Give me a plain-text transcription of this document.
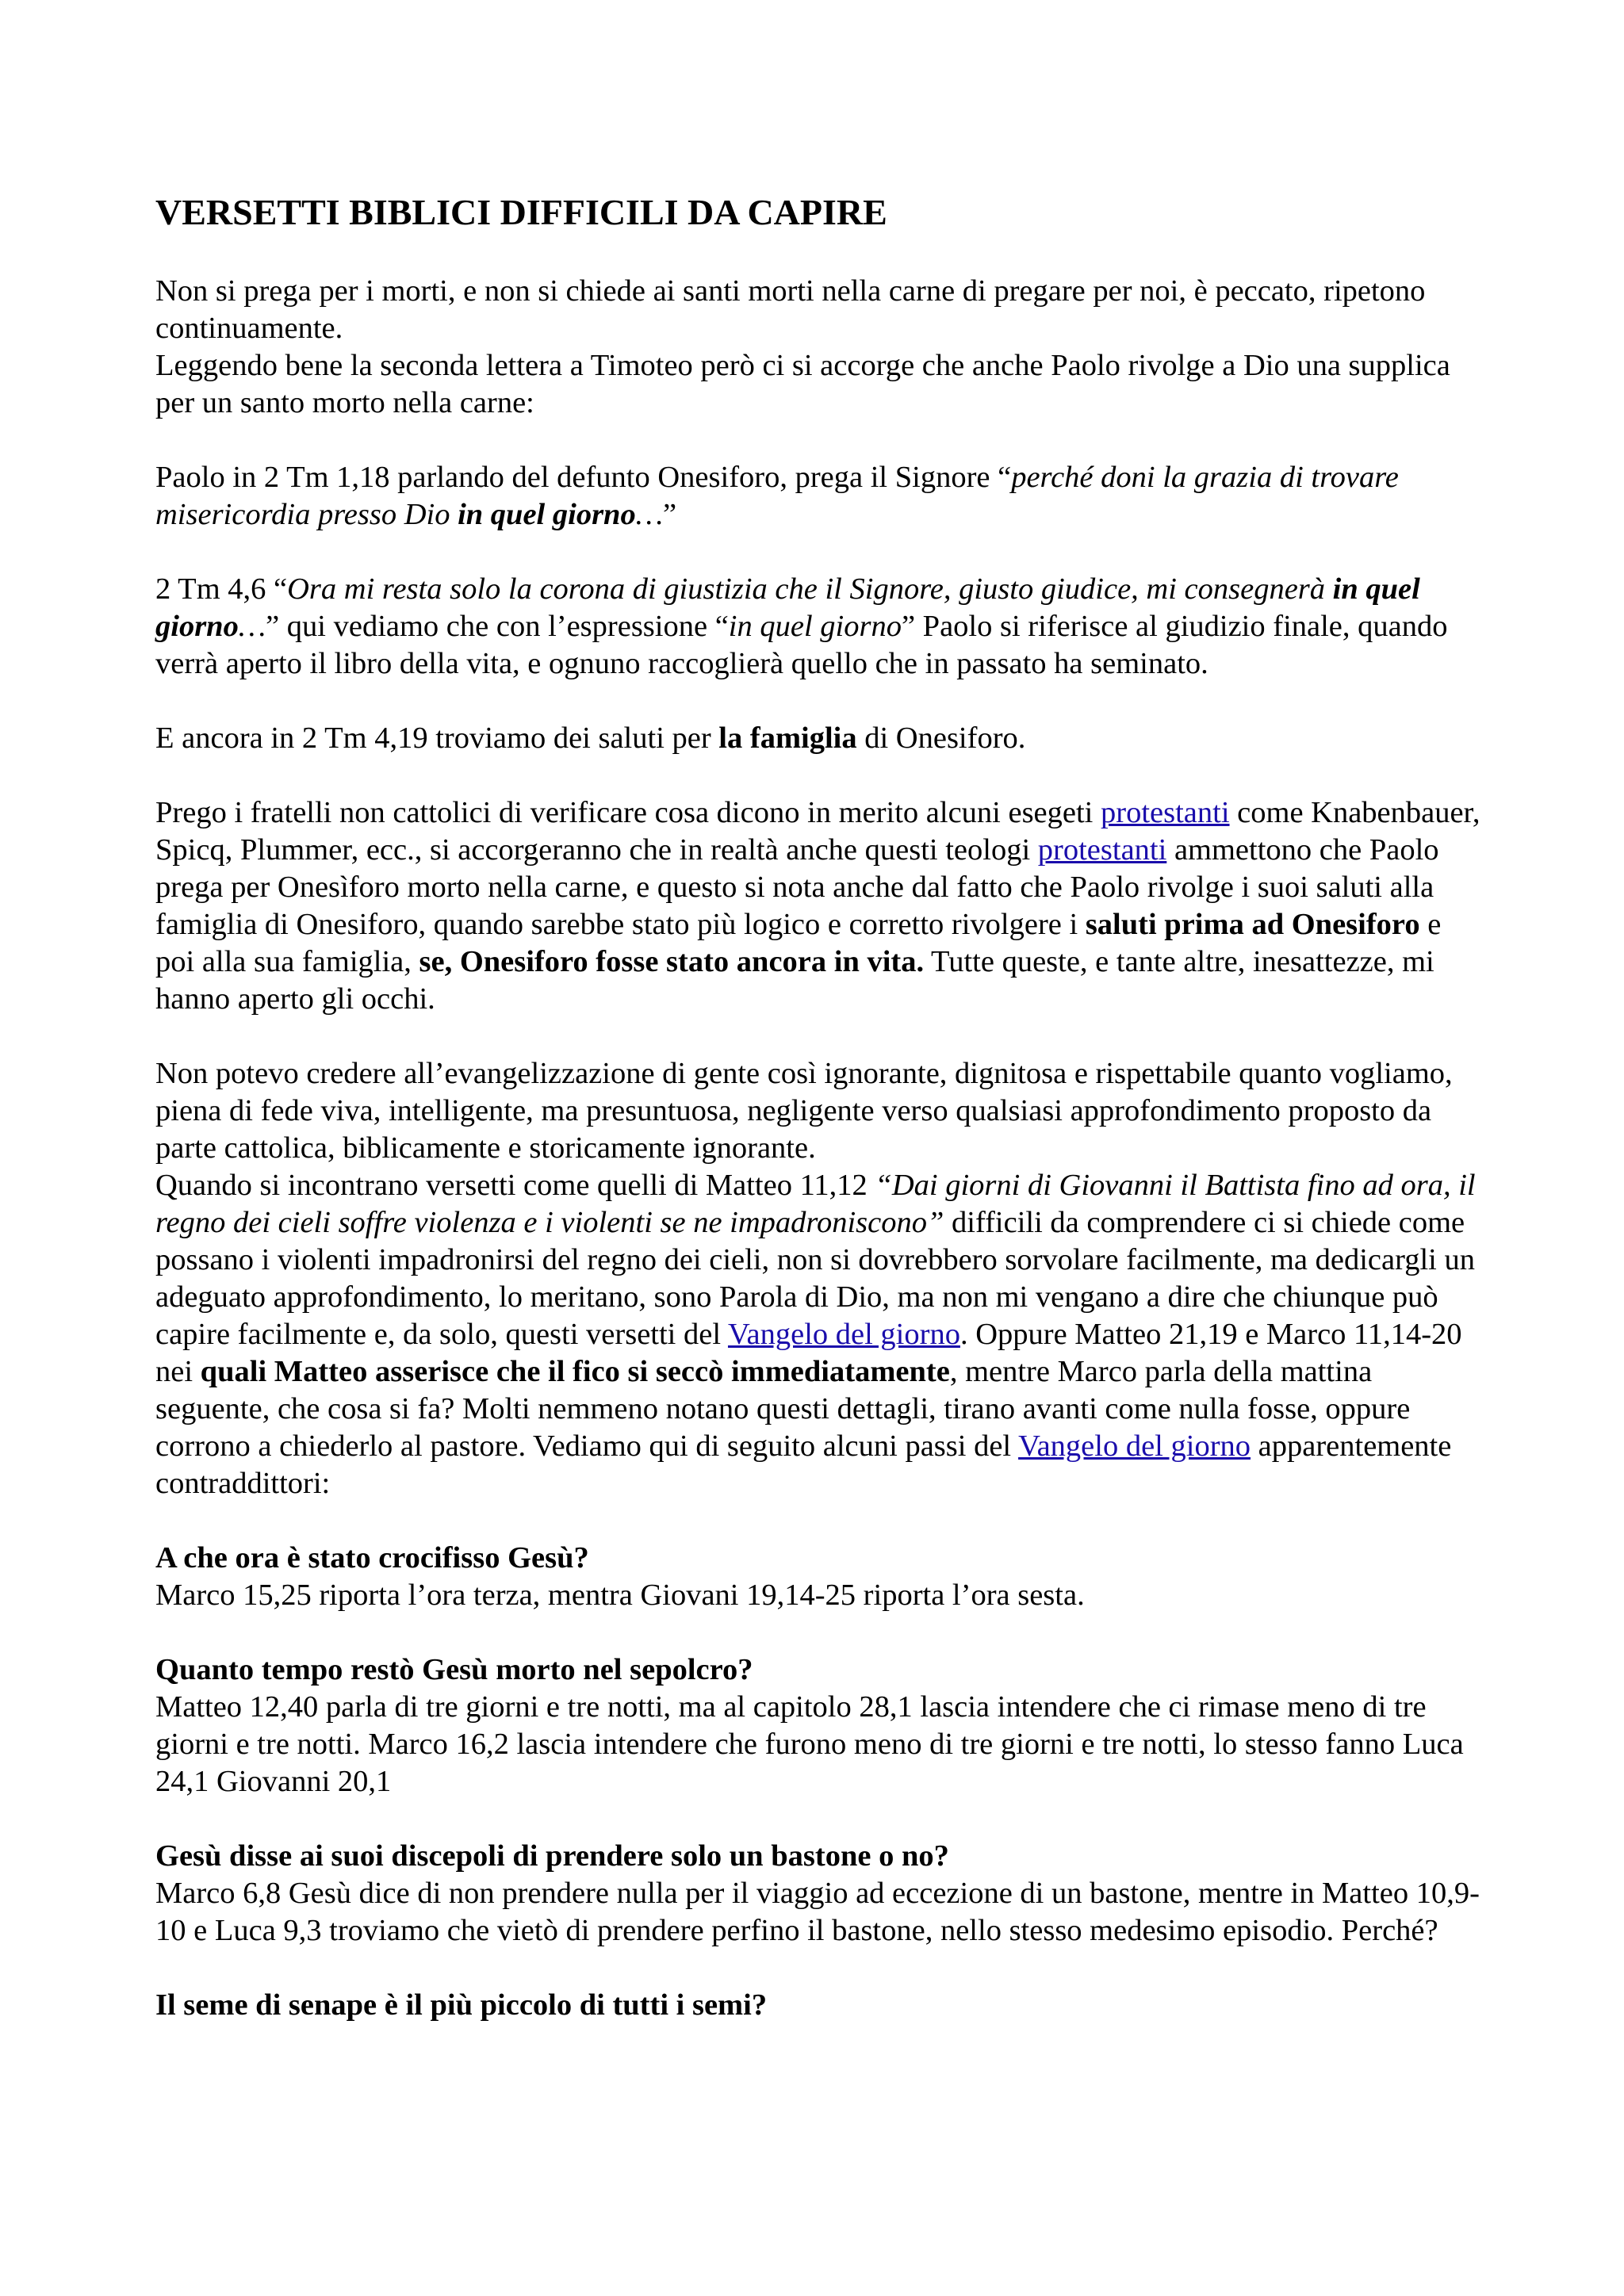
VERSETTI BIBLICI DIFFICILI DA CAPIRE

Non si prega per i morti, e non si chiede ai santi morti nella carne di pregare per noi, è peccato, ripetono continuamente.

Leggendo bene la seconda lettera a Timoteo però ci si accorge che anche Paolo rivolge a Dio una supplica per un santo morto nella carne:

Paolo in 2 Tm 1,18 parlando del defunto Onesiforo, prega il Signore “perché doni la grazia di trovare misericordia presso Dio in quel giorno…”

2 Tm 4,6 “Ora mi resta solo la corona di giustizia che il Signore, giusto giudice, mi consegnerà in quel giorno…” qui vediamo che con l’espressione “in quel giorno” Paolo si riferisce al giudizio finale, quando verrà aperto il libro della vita, e ognuno raccoglierà quello che in passato ha seminato.

E ancora in 2 Tm 4,19 troviamo dei saluti per la famiglia di Onesiforo.

Prego i fratelli non cattolici di verificare cosa dicono in merito alcuni esegeti protestanti come Knabenbauer, Spicq, Plummer, ecc., si accorgeranno che in realtà anche questi teologi protestanti ammettono che Paolo prega per Onesìforo morto nella carne, e questo si nota anche dal fatto che Paolo rivolge i suoi saluti alla famiglia di Onesiforo, quando sarebbe stato più logico e corretto rivolgere i saluti prima ad Onesiforo e poi alla sua famiglia, se, Onesiforo fosse stato ancora in vita. Tutte queste, e tante altre, inesattezze, mi hanno aperto gli occhi.

Non potevo credere all’evangelizzazione di gente così ignorante, dignitosa e rispettabile quanto vogliamo, piena di fede viva, intelligente, ma presuntuosa, negligente verso qualsiasi approfondimento proposto da parte cattolica, biblicamente e storicamente ignorante.

Quando si incontrano versetti come quelli di Matteo 11,12 “Dai giorni di Giovanni il Battista fino ad ora, il regno dei cieli soffre violenza e i violenti se ne impadroniscono” difficili da comprendere ci si chiede come possano i violenti impadronirsi del regno dei cieli, non si dovrebbero sorvolare facilmente, ma dedicargli un adeguato approfondimento, lo meritano, sono Parola di Dio, ma non mi vengano a dire che chiunque può capire facilmente e, da solo, questi versetti del Vangelo del giorno. Oppure Matteo 21,19 e Marco 11,14-20 nei quali Matteo asserisce che il fico si seccò immediatamente, mentre Marco parla della mattina seguente, che cosa si fa? Molti nemmeno notano questi dettagli, tirano avanti come nulla fosse, oppure corrono a chiederlo al pastore. Vediamo qui di seguito alcuni passi del Vangelo del giorno apparentemente contraddittori:

A che ora è stato crocifisso Gesù?

Marco 15,25 riporta l’ora terza, mentra Giovani 19,14-25 riporta l’ora sesta.

Quanto tempo restò Gesù morto nel sepolcro?

Matteo 12,40 parla di tre giorni e tre notti, ma al capitolo 28,1 lascia intendere che ci rimase meno di tre giorni e tre notti. Marco 16,2 lascia intendere che furono meno di tre giorni e tre notti, lo stesso fanno Luca 24,1 Giovanni 20,1

Gesù disse ai suoi discepoli di prendere solo un bastone o no?

Marco 6,8 Gesù dice di non prendere nulla per il viaggio ad eccezione di un bastone, mentre in Matteo 10,9-10 e Luca 9,3 troviamo che vietò di prendere perfino il bastone, nello stesso medesimo episodio. Perché?

Il seme di senape è il più piccolo di tutti i semi?
